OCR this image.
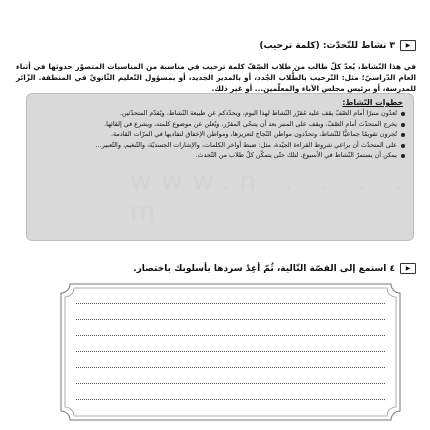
▶
٣ نشاط للتّحدّث: (كلمة ترحيب)

في هذا النّشاط، يُعدّ كلّ طالب من طلاب الصّفّ كلمة ترحيب في مناسبة من المناسبات المتصوّر حدوثها في أثناء العام الدّراسيّ؛ مثل: التّرحيب بالطُّلاب الجُدد، أو بالمدير الجديد، أو بمسؤول التّعليم الثّانويّ في المنطقة. الزّائر للمدرسة، أو برئيس مجلس الآباء والمعلّمين... أو غير ذلك.

خطوات النّشاط:
تُعدّون منبرًا أمام الصّفّ يقف عليه مُقرّر النّشاط لهذا اليوم، ويحدّدكم عن طبيعة النّشاط، ويُقدّم المتحدّثين.
يخرج المتحدّث أمام الصّفّ، ويقف على المنبر بعد أن يتنحّى المقرّر، ويُعلن عن موضوع كلمته، ويشرع في إلقائها.
تُجرون تقويمًا جماعيًّا للنّشاط، وتحدّدون مواطن النّجاح لتعزيزها، ومواطن الإخفاق لتفاديها في المرّات القادمة.
على المتحدّث أن يراعي شروط القراءة الجيّدة، مثل: ضبط أواخر الكلمات، والإشارات الجسديّة، والتّنغيم، والتّعبير...
يمكن أن يستمرّ النّشاط في الأسبوع، لتلك حتّى يتمكّن كلّ طلاب من التّحدث.
www.n . . . . m
▶
٤ استمع إلى القصّة التّالية، ثُمّ أعِدْ سردها بأسلوبك باختصار.
